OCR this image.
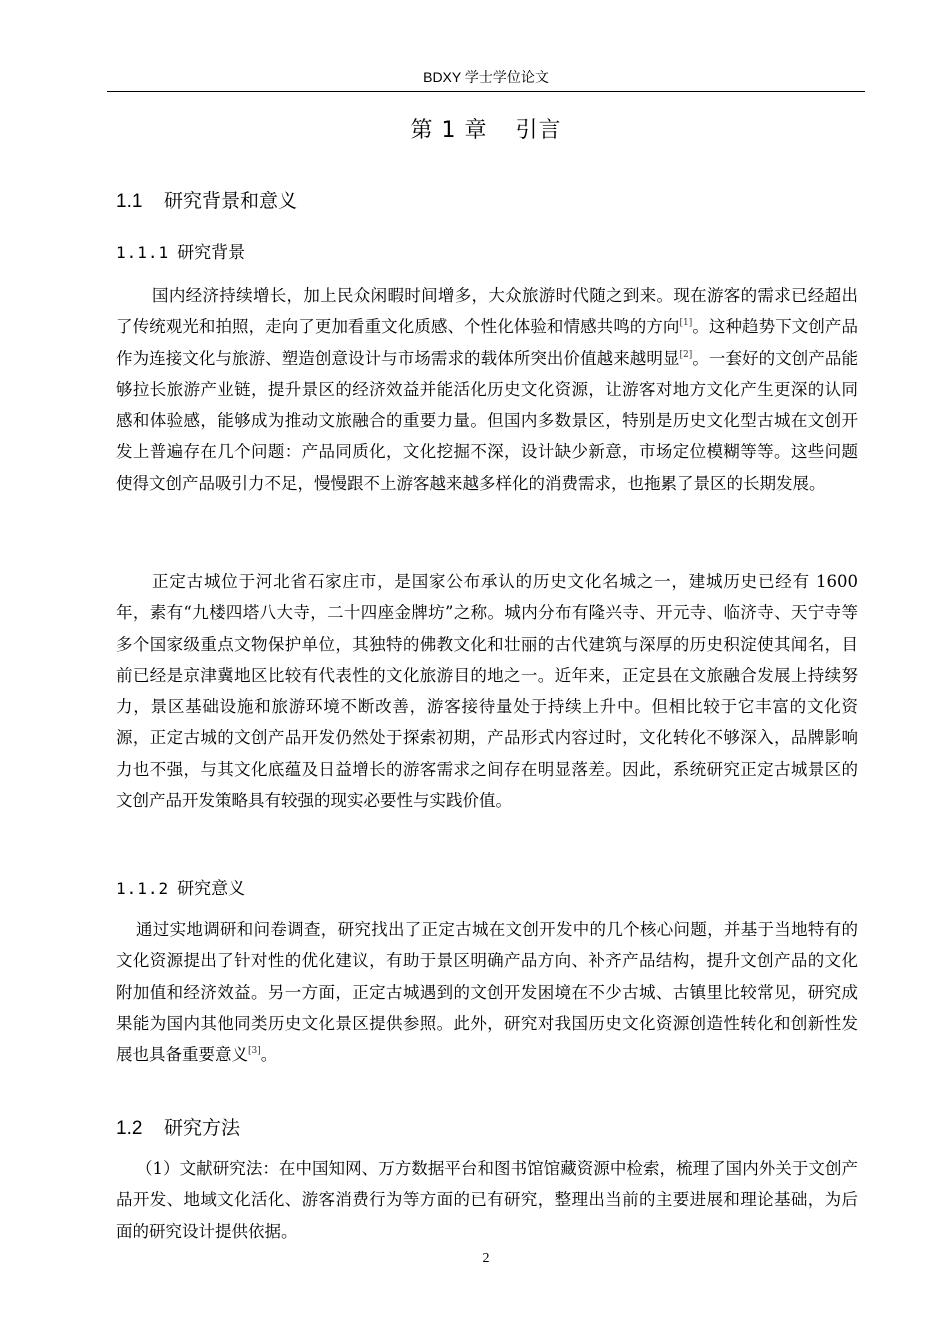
BDXY 学士学位论文
第 1 章 引言
1.1 研究背景和意义
1.1.1 研究背景

国内经济持续增长，加上民众闲暇时间增多，大众旅游时代随之到来。现在游客的需求已经超出了传统观光和拍照，走向了更加看重文化质感、个性化体验和情感共鸣的方向[1]。这种趋势下文创产品作为连接文化与旅游、塑造创意设计与市场需求的载体所突出价值越来越明显[2]。一套好的文创产品能够拉长旅游产业链，提升景区的经济效益并能活化历史文化资源，让游客对地方文化产生更深的认同感和体验感，能够成为推动文旅融合的重要力量。但国内多数景区，特别是历史文化型古城在文创开发上普遍存在几个问题：产品同质化，文化挖掘不深，设计缺少新意，市场定位模糊等等。这些问题使得文创产品吸引力不足，慢慢跟不上游客越来越多样化的消费需求，也拖累了景区的长期发展。

正定古城位于河北省石家庄市，是国家公布承认的历史文化名城之一，建城历史已经有 1600 年，素有“九楼四塔八大寺，二十四座金牌坊”之称。城内分布有隆兴寺、开元寺、临济寺、天宁寺等多个国家级重点文物保护单位，其独特的佛教文化和壮丽的古代建筑与深厚的历史积淀使其闻名，目前已经是京津冀地区比较有代表性的文化旅游目的地之一。近年来，正定县在文旅融合发展上持续努力，景区基础设施和旅游环境不断改善，游客接待量处于持续上升中。但相比较于它丰富的文化资源，正定古城的文创产品开发仍然处于探索初期，产品形式内容过时，文化转化不够深入，品牌影响力也不强，与其文化底蕴及日益增长的游客需求之间存在明显落差。因此，系统研究正定古城景区的文创产品开发策略具有较强的现实必要性与实践价值。

1.1.2 研究意义

通过实地调研和问卷调查，研究找出了正定古城在文创开发中的几个核心问题，并基于当地特有的文化资源提出了针对性的优化建议，有助于景区明确产品方向、补齐产品结构，提升文创产品的文化附加值和经济效益。另一方面，正定古城遇到的文创开发困境在不少古城、古镇里比较常见，研究成果能为国内其他同类历史文化景区提供参照。此外，研究对我国历史文化资源创造性转化和创新性发展也具备重要意义[3]。

1.2 研究方法

（1）文献研究法：在中国知网、万方数据平台和图书馆馆藏资源中检索，梳理了国内外关于文创产品开发、地域文化活化、游客消费行为等方面的已有研究，整理出当前的主要进展和理论基础，为后面的研究设计提供依据。

2
